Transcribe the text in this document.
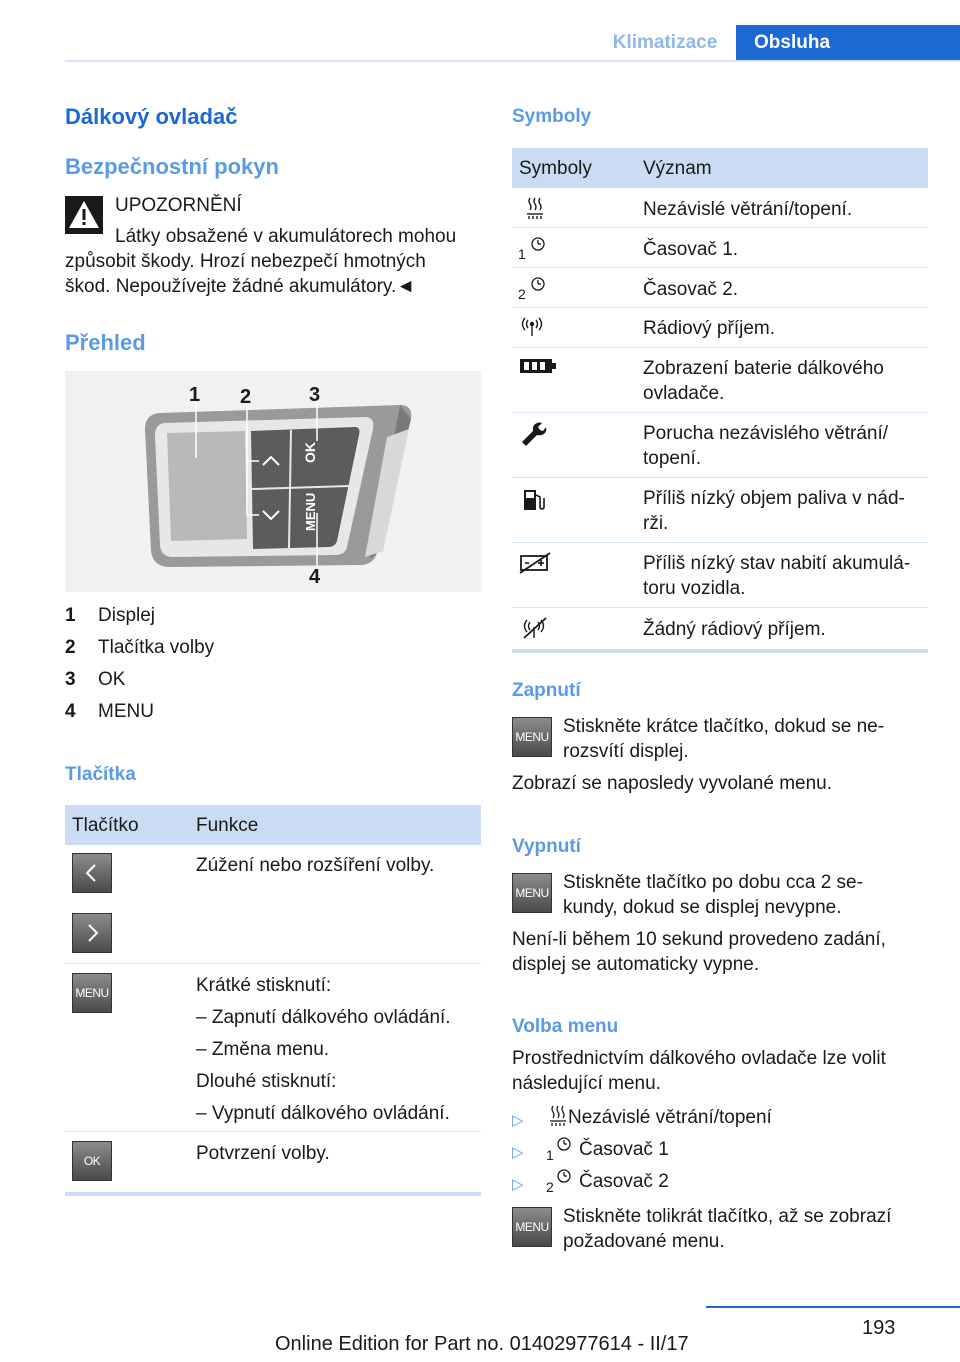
Klimatizace	Obsluha
Dálkový ovladač
Bezpečnostní pokyn
UPOZORNĚNÍ
Látky obsažené v akumulátorech mohou
způsobit škody. Hrozí nebezpečí hmotných
škod. Nepoužívejte žádné akumulátory.◄
Přehled
OK
MENU
1 2	3
4
1 Displej
2 Tlačítka volby
3 OK
4 MENU
Tlačítka
Tlačítko	Funkce
Zúžení nebo rozšíření volby.
MENU	Krátké stisknutí:
– Zapnutí dálkového ovládání.
– Změna menu.
Dlouhé stisknutí:
– Vypnutí dálkového ovládání.
OK	Potvrzení volby.
Symboly
Symboly	Význam
Nezávislé větrání/topení.
1	Časovač 1.
2	Časovač 2.
Rádiový příjem.
Zobrazení baterie dálkového
ovladače.
Porucha nezávislého větrání/
topení.
Příliš nízký objem paliva v nád‐
rži.
Příliš nízký stav nabití akumulá‐
toru vozidla.
Žádný rádiový příjem.
Zapnutí
MENU Stiskněte krátce tlačítko, dokud se ne‐
rozsvítí displej.
Zobrazí se naposledy vyvolané menu.
Vypnutí
MENU Stiskněte tlačítko po dobu cca 2 se‐
kundy, dokud se displej nevypne.
Není-li během 10 sekund provedeno zadání,
displej se automaticky vypne.
Volba menu
Prostřednictvím dálkového ovladače lze volit
následující menu.
▷ Nezávislé větrání/topení
▷ 1 Časovač 1
▷ 2 Časovač 2
MENU Stiskněte tolikrát tlačítko, až se zobrazí
požadované menu.
193
Online Edition for Part no. 01402977614 - II/17
